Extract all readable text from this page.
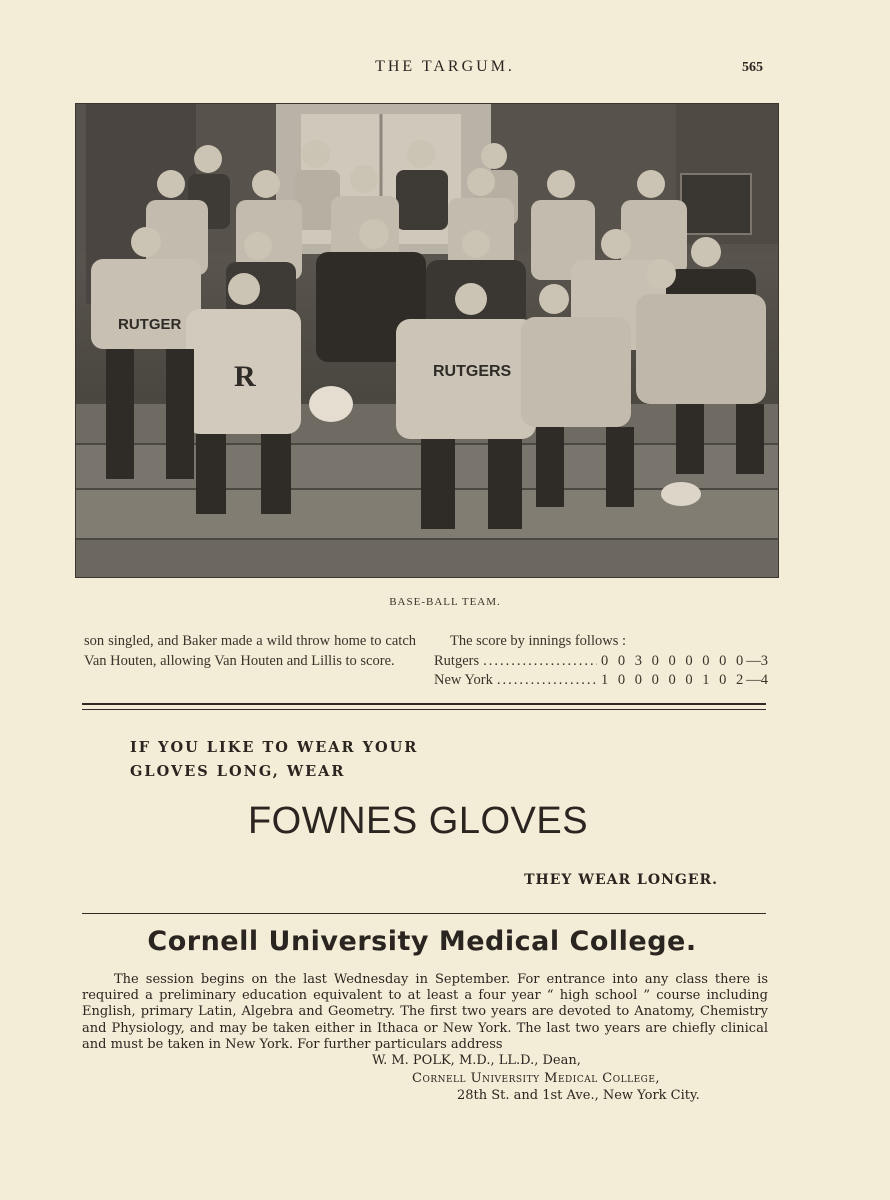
THE TARGUM.	565
RUTGER
R	RUTGERS
BASE-BALL TEAM.

son singled, and Baker made a wild throw home to catch Van Houten, allowing Van Houten and Lillis to score.

The score by innings follows :
Rutgers .....	0 0 3 0 0 0 0 0 0 —3
New York .....	1 0 0 0 0 0 1 0 2 —4
IF YOU LIKE TO WEAR YOUR
GLOVES LONG, WEAR
FOWNES GLOVES
THEY WEAR LONGER.
Cornell University Medical College.
The session begins on the last Wednesday in September. For entrance into any class there is required a preliminary education equivalent to at least a four year “ high school ” course including English, primary Latin, Algebra and Geometry. The first two years are devoted to Anatomy, Chemistry and Physiology, and may be taken either in Ithaca or New York. The last two years are chiefly clinical and must be taken in New York. For further particulars address
W. M. POLK, M.D., LL.D., Dean,
Cornell University Medical College,
28th St. and 1st Ave., New York City.
